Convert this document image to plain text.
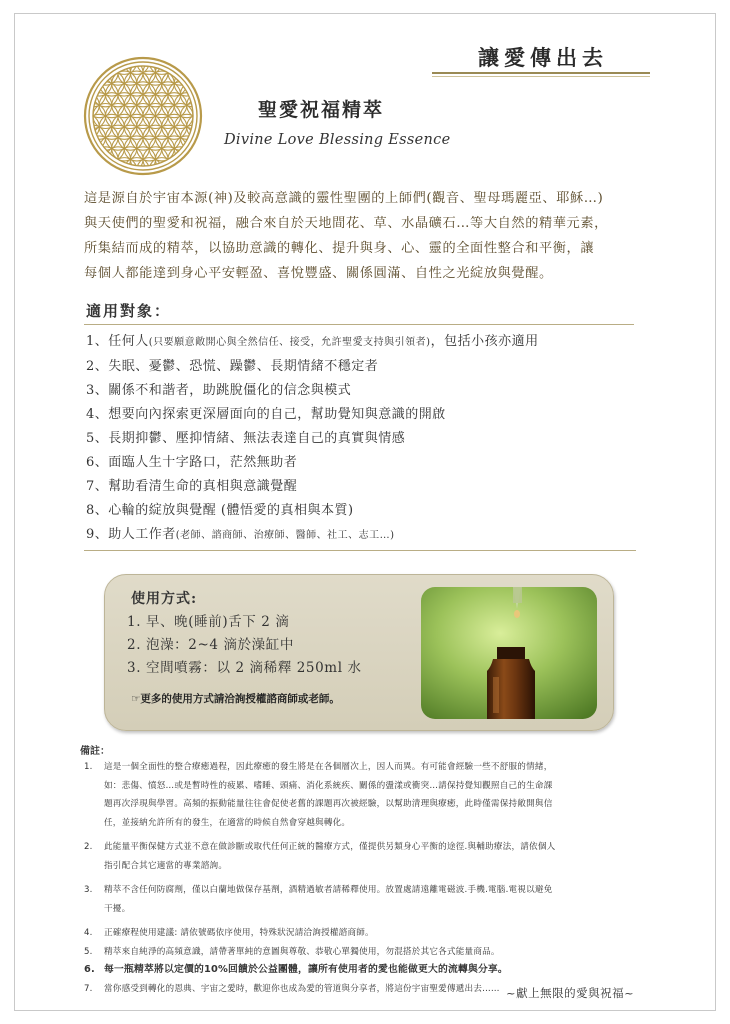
讓愛傳出去
聖愛祝福精萃
Divine Love Blessing Essence
這是源自於宇宙本源(神)及較高意識的靈性聖團的上師們(觀音、聖母瑪麗亞、耶穌…)
與天使們的聖愛和祝福，融合來自於天地間花、草、水晶礦石…等大自然的精華元素，
所集結而成的精萃，以協助意識的轉化、提升與身、心、靈的全面性整合和平衡，讓
每個人都能達到身心平安輕盈、喜悅豐盛、關係圓滿、自性之光綻放與覺醒。
適用對象：
1、任何人(只要願意敞開心與全然信任、接受，允許聖愛支持與引領者)，包括小孩亦適用
2、失眠、憂鬱、恐慌、躁鬱、長期情緒不穩定者
3、關係不和諧者，助跳脫僵化的信念與模式
4、想要向內探索更深層面向的自己，幫助覺知與意識的開啟
5、長期抑鬱、壓抑情緒、無法表達自己的真實與情感
6、面臨人生十字路口，茫然無助者
7、幫助看清生命的真相與意識覺醒
8、心輪的綻放與覺醒 (體悟愛的真相與本質)
9、助人工作者(老師、諮商師、治療師、醫師、社工、志工…)
使用方式:
1. 早、晚(睡前)舌下 2 滴
2. 泡澡：2~4 滴於澡缸中
3. 空間噴霧：以 2 滴稀釋 250ml 水
☞更多的使用方式請洽詢授權諮商師或老師。
備註：
1. 這是一個全面性的整合療癒過程，因此療癒的發生將是在各個層次上，因人而異。有可能會經驗一些不舒服的情緒，
如：悲傷、憤怒…或是暫時性的疲累、嗜睡、頭痛、消化系統疾、關係的盪漾或衝突…請保持覺知觀照自己的生命課
題再次浮現與學習。高頻的振動能量往往會促使老舊的課題再次被經驗，以幫助清理與療癒，此時僅需保持敞開與信
任，並接納允許所有的發生，在適當的時候自然會穿越與轉化。
2. 此能量平衡保健方式並不意在做診斷或取代任何正統的醫療方式，僅提供另類身心平衡的途徑.與輔助療法，請依個人
指引配合其它適當的專業諮詢。
3. 精萃不含任何防腐劑，僅以白蘭地做保存基劑，酒精過敏者請稀釋使用。放置處請遠離電磁波.手機.電腦.電視以避免
干擾。
4. 正確療程使用建議: 請依號碼依序使用，特殊狀況請洽詢授權諮商師。
5. 精萃來自純淨的高頻意識，請帶著單純的意圖與尊敬、恭敬心單獨使用，勿混搭於其它各式能量商品。
6. 每一瓶精萃將以定價的10%回饋於公益團體，讓所有使用者的愛也能做更大的流轉與分享。
7. 當你感受到轉化的恩典、宇宙之愛時，歡迎你也成為愛的管道與分享者，將這份宇宙聖愛傳遞出去…… ~獻上無限的愛與祝福~
